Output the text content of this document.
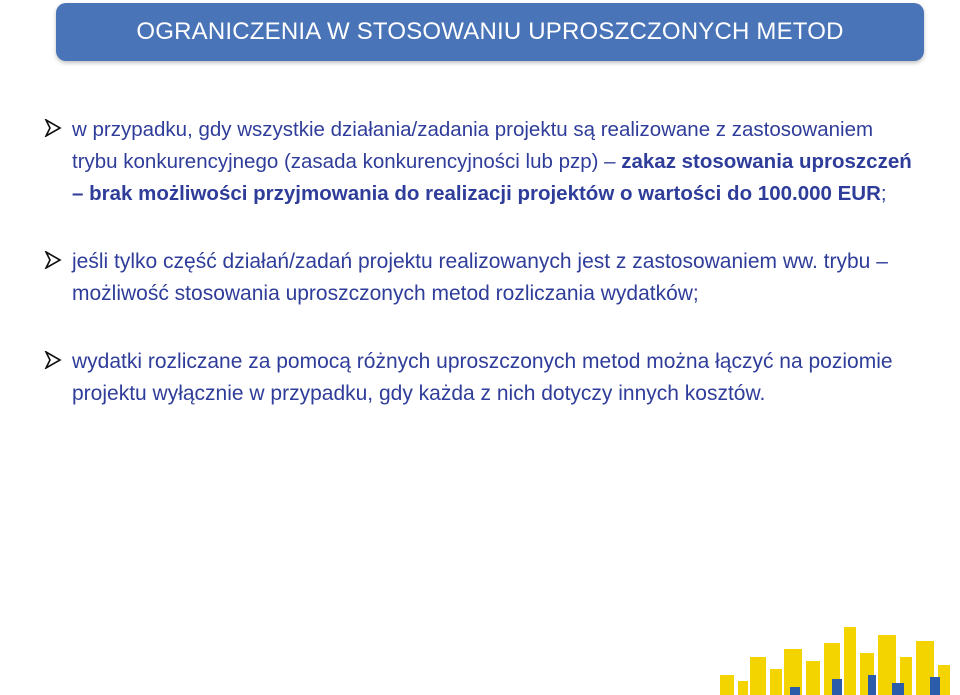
OGRANICZENIA W STOSOWANIU UPROSZCZONYCH METOD
w przypadku, gdy wszystkie działania/zadania projektu są realizowane z zastosowaniem trybu konkurencyjnego (zasada konkurencyjności lub pzp) – zakaz stosowania uproszczeń – brak możliwości przyjmowania do realizacji projektów o wartości do 100.000 EUR;
jeśli tylko część działań/zadań projektu realizowanych jest z zastosowaniem ww. trybu – możliwość stosowania uproszczonych metod rozliczania wydatków;
wydatki rozliczane za pomocą różnych uproszczonych metod można łączyć na poziomie projektu wyłącznie w przypadku, gdy każda z nich dotyczy innych kosztów.
